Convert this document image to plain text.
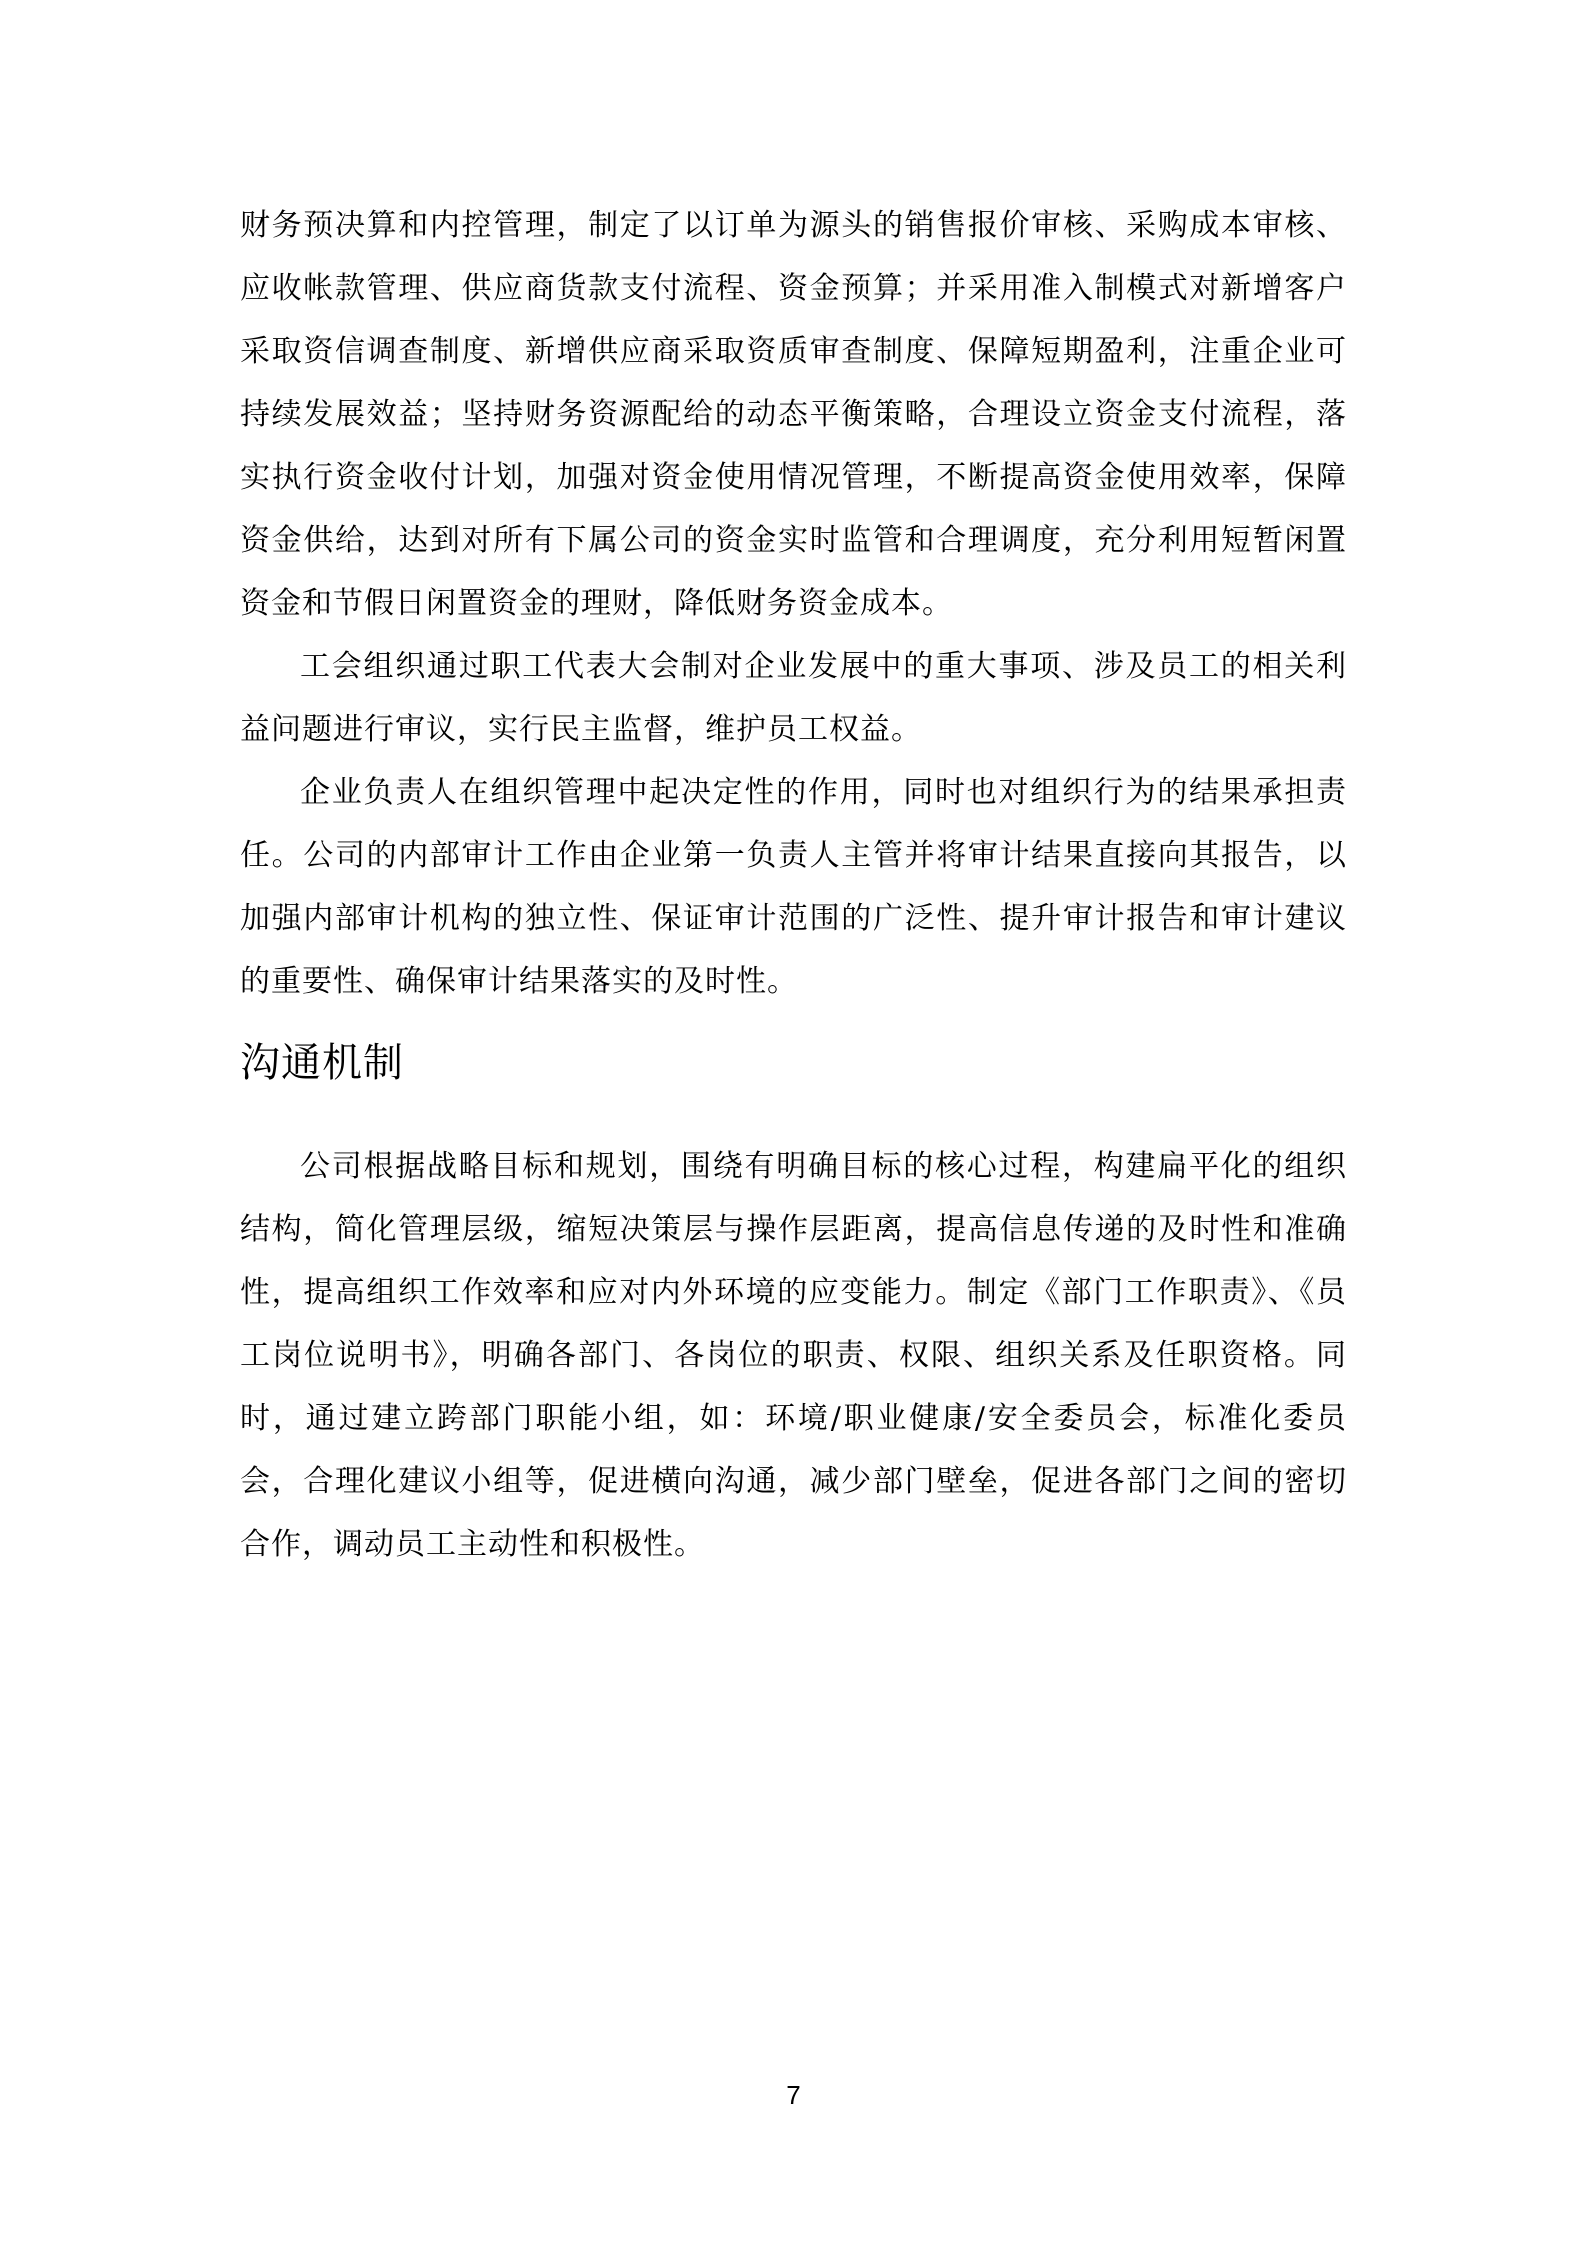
财务预决算和内控管理，制定了以订单为源头的销售报价审核、采购成本审核、应收帐款管理、供应商货款支付流程、资金预算；并采用准入制模式对新增客户采取资信调查制度、新增供应商采取资质审查制度、保障短期盈利，注重企业可持续发展效益；坚持财务资源配给的动态平衡策略，合理设立资金支付流程，落实执行资金收付计划，加强对资金使用情况管理，不断提高资金使用效率，保障资金供给，达到对所有下属公司的资金实时监管和合理调度，充分利用短暂闲置资金和节假日闲置资金的理财，降低财务资金成本。

工会组织通过职工代表大会制对企业发展中的重大事项、涉及员工的相关利益问题进行审议，实行民主监督，维护员工权益。

企业负责人在组织管理中起决定性的作用，同时也对组织行为的结果承担责任。公司的内部审计工作由企业第一负责人主管并将审计结果直接向其报告，以加强内部审计机构的独立性、保证审计范围的广泛性、提升审计报告和审计建议的重要性、确保审计结果落实的及时性。

沟通机制

公司根据战略目标和规划，围绕有明确目标的核心过程，构建扁平化的组织结构，简化管理层级，缩短决策层与操作层距离，提高信息传递的及时性和准确性，提高组织工作效率和应对内外环境的应变能力。制定《部门工作职责》、《员工岗位说明书》，明确各部门、各岗位的职责、权限、组织关系及任职资格。同时，通过建立跨部门职能小组，如：环境/职业健康/安全委员会，标准化委员会，合理化建议小组等，促进横向沟通，减少部门壁垒，促进各部门之间的密切合作，调动员工主动性和积极性。

7
